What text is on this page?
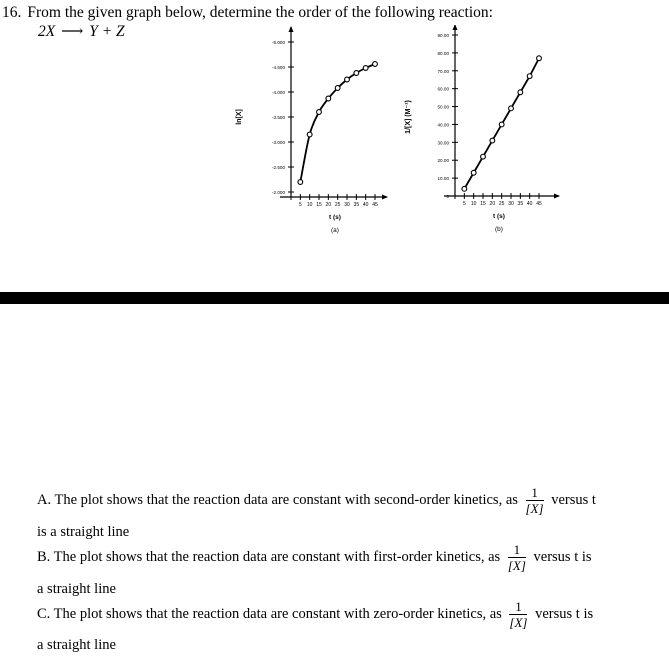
16. From the given graph below, determine the order of the following reaction:
2X ⟶ Y + Z
-2.000
-2.500
-3.000
-3.500
-4.000
-4.500
-5.000
5 10 15 20 25 30 35 40 45
t (s)
(a)
ln[X]
0
10.00
20.00
30.00
40.00
50.00
60.00
70.00
80.00
90.00
5 10 15 20 25 30 35 40 45
t (s)
(b)
1/[X] (M⁻¹)
A. The plot shows that the reaction data are constant with second-order kinetics, as $\frac{1}{[X]}$ versus t
is a straight line
B. The plot shows that the reaction data are constant with first-order kinetics, as $\frac{1}{[X]}$ versus t is
a straight line
C. The plot shows that the reaction data are constant with zero-order kinetics, as $\frac{1}{[X]}$ versus t is
a straight line
